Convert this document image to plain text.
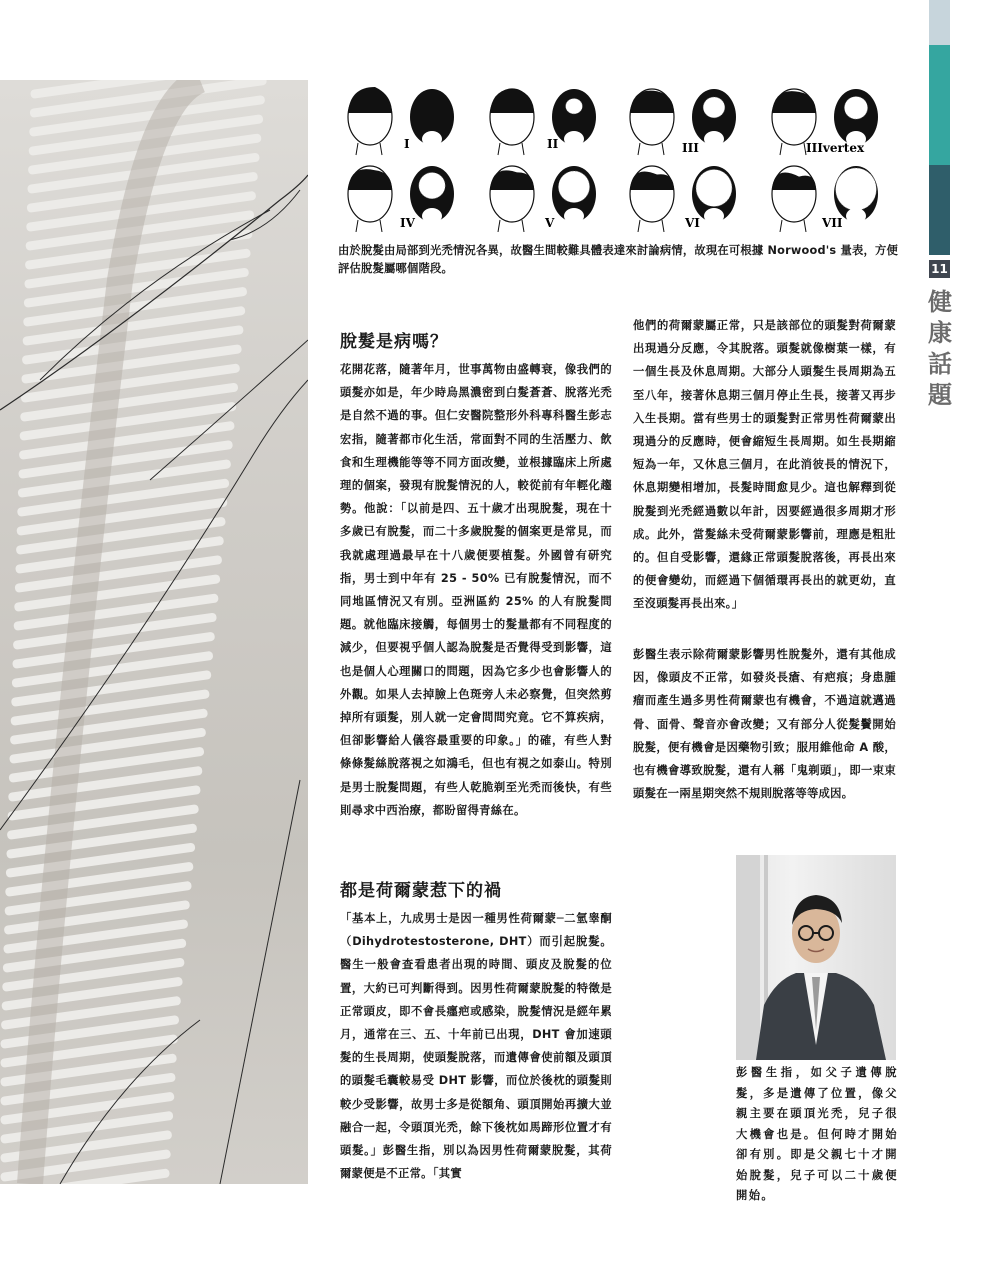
11
健康話題
I	II	III	IIIvertex
IV	V	VI	VII
由於脫髮由局部到光禿情況各異，故醫生間較難具體表達來討論病情，故現在可根據 Norwood's 量表，方便評估脫髮屬哪個階段。
脫髮是病嗎？
花開花落，隨著年月，世事萬物由盛轉衰，像我們的頭髮亦如是，年少時烏黑濃密到白髮蒼蒼、脫落光禿是自然不過的事。但仁安醫院整形外科專科醫生彭志宏指，隨著都市化生活，常面對不同的生活壓力、飲食和生理機能等等不同方面改變，並根據臨床上所處理的個案，發現有脫髮情況的人，較從前有年輕化趨勢。他說：「以前是四、五十歲才出現脫髮，現在十多歲已有脫髮，而二十多歲脫髮的個案更是常見，而我就處理過最早在十八歲便要植髮。外國曾有研究指，男士到中年有 25 - 50% 已有脫髮情況，而不同地區情況又有別。亞洲區約 25% 的人有脫髮問題。就他臨床接觸，每個男士的髮量都有不同程度的減少，但要視乎個人認為脫髮是否覺得受到影響，這也是個人心理關口的問題，因為它多少也會影響人的外觀。如果人去掉臉上色斑旁人未必察覺，但突然剪掉所有頭髮，別人就一定會問問究竟。它不算疾病，但卻影響給人儀容最重要的印象。」的確，有些人對條條髮絲脫落視之如鴻毛，但也有視之如泰山。特別是男士脫髮問題，有些人乾脆剃至光禿而後快，有些則尋求中西治療，都盼留得青絲在。
都是荷爾蒙惹下的禍
「基本上，九成男士是因一種男性荷爾蒙─二氫睾酮（Dihydrotestosterone, DHT）而引起脫髮。醫生一般會查看患者出現的時間、頭皮及脫髮的位置，大約已可判斷得到。因男性荷爾蒙脫髮的特徵是正常頭皮，即不會長癦疤或感染，脫髮情況是經年累月，通常在三、五、十年前已出現，DHT 會加速頭髮的生長周期，使頭髮脫落，而遺傳會使前額及頭頂的頭髮毛囊較易受 DHT 影響，而位於後枕的頭髮則較少受影響，故男士多是從額角、頭頂開始再擴大並融合一起，令頭頂光禿，餘下後枕如馬蹄形位置才有頭髮。」彭醫生指，別以為因男性荷爾蒙脫髮，其荷爾蒙便是不正常。「其實
他們的荷爾蒙屬正常，只是該部位的頭髮對荷爾蒙出現過分反應，令其脫落。頭髮就像樹葉一樣，有一個生長及休息周期。大部分人頭髮生長周期為五至八年，接著休息期三個月停止生長，接著又再步入生長期。當有些男士的頭髮對正常男性荷爾蒙出現過分的反應時，便會縮短生長周期。如生長期縮短為一年，又休息三個月，在此消彼長的情況下，休息期變相增加，長髮時間愈見少。這也解釋到從脫髮到光禿經過數以年計，因要經過很多周期才形成。此外，當髮絲未受荷爾蒙影響前，理應是粗壯的。但自受影響，還緣正常頭髮脫落後，再長出來的便會變幼，而經過下個循環再長出的就更幼，直至沒頭髮再長出來。」
彭醫生表示除荷爾蒙影響男性脫髮外，還有其他成因，像頭皮不正常，如發炎長瘡、有疤痕；身患腫瘤而產生過多男性荷爾蒙也有機會，不過這就邁過骨、面骨、聲音亦會改變；又有部分人從髮鬢開始脫髮，便有機會是因藥物引致；服用維他命 A 酸，也有機會導致脫髮，還有人稱「鬼剃頭」，即一束束頭髮在一兩星期突然不規則脫落等等成因。
彭醫生指，如父子遺傳脫髮，多是遺傳了位置，像父親主要在頭頂光禿，兒子很大機會也是。但何時才開始卻有別。即是父親七十才開始脫髮，兒子可以二十歲便開始。
